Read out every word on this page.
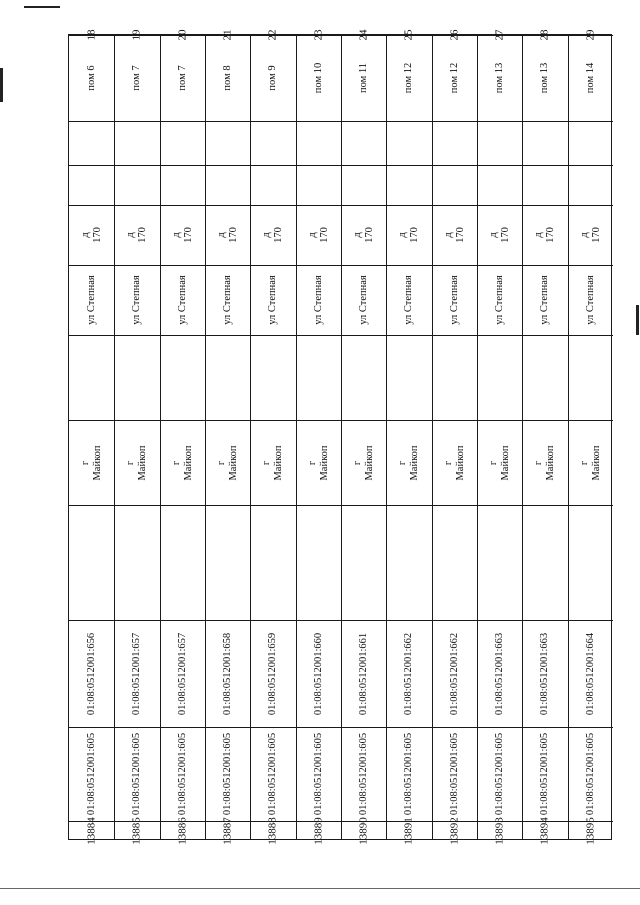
пом 6
д 170
ул Степная
г Майкоп
01:08:0512001:656
01:08:0512001:605
13884
18
пом 7
д 170
ул Степная
г Майкоп
01:08:0512001:657
01:08:0512001:605
13885
19
пом 7
д 170
ул Степная
г Майкоп
01:08:0512001:657
01:08:0512001:605
13886
20
пом 8
д 170
ул Степная
г Майкоп
01:08:0512001:658
01:08:0512001:605
13887
21
пом 9
д 170
ул Степная
г Майкоп
01:08:0512001:659
01:08:0512001:605
13888
22
пом 10
д 170
ул Степная
г Майкоп
01:08:0512001:660
01:08:0512001:605
13889
23
пом 11
д 170
ул Степная
г Майкоп
01:08:0512001:661
01:08:0512001:605
13890
24
пом 12
д 170
ул Степная
г Майкоп
01:08:0512001:662
01:08:0512001:605
13891
25
пом 12
д 170
ул Степная
г Майкоп
01:08:0512001:662
01:08:0512001:605
13892
26
пом 13
д 170
ул Степная
г Майкоп
01:08:0512001:663
01:08:0512001:605
13893
27
пом 13
д 170
ул Степная
г Майкоп
01:08:0512001:663
01:08:0512001:605
13894
28
пом 14
д 170
ул Степная
г Майкоп
01:08:0512001:664
01:08:0512001:605
13895
29
